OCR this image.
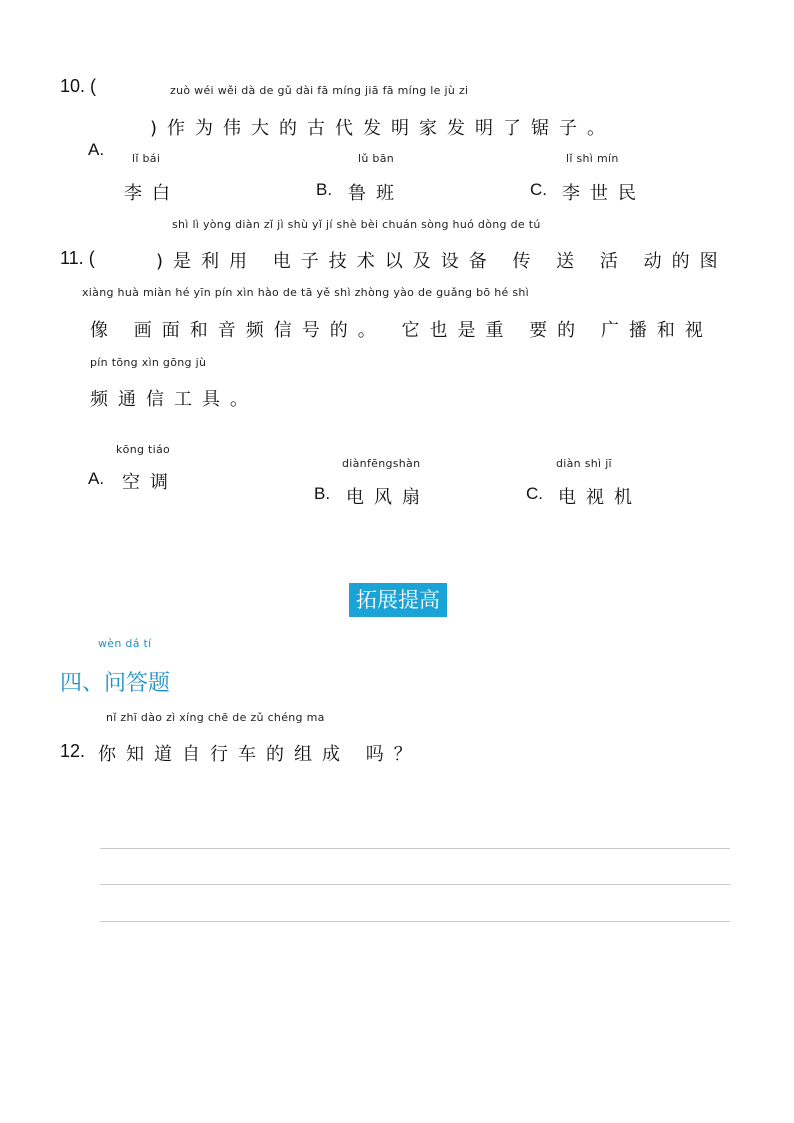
10. (	zuò wéi wěi dà de gǔ dài fā míng jiā fā míng le jù zi
)作为伟大的古代发明家发明了锯子。
A.	lǐ bái
李白
lǔ bān
B. 鲁班
lǐ shì mín
C. 李世民
shì lì yòng diàn zǐ jì shù yǐ jí shè bèi chuán sòng huó dòng de tú
11. (	)是利用 电子技术以及设备 传 送 活 动的图
xiàng huà miàn hé yīn pín xìn hào de tā yě shì zhòng yào de guǎng bō hé shì
像 画面和音频信号的。 它也是重 要的 广播和视
pín tōng xìn gōng jù
频通信工具。
kōng tiáo
A. 空调
diànfēngshàn
B. 电风扇
diàn shì jī
C. 电视机
拓展提高
wèn dá tí
四、问答题
nǐ zhī dào zì xíng chē de zǔ chéng ma
12. 你知道自行车的组成 吗？
